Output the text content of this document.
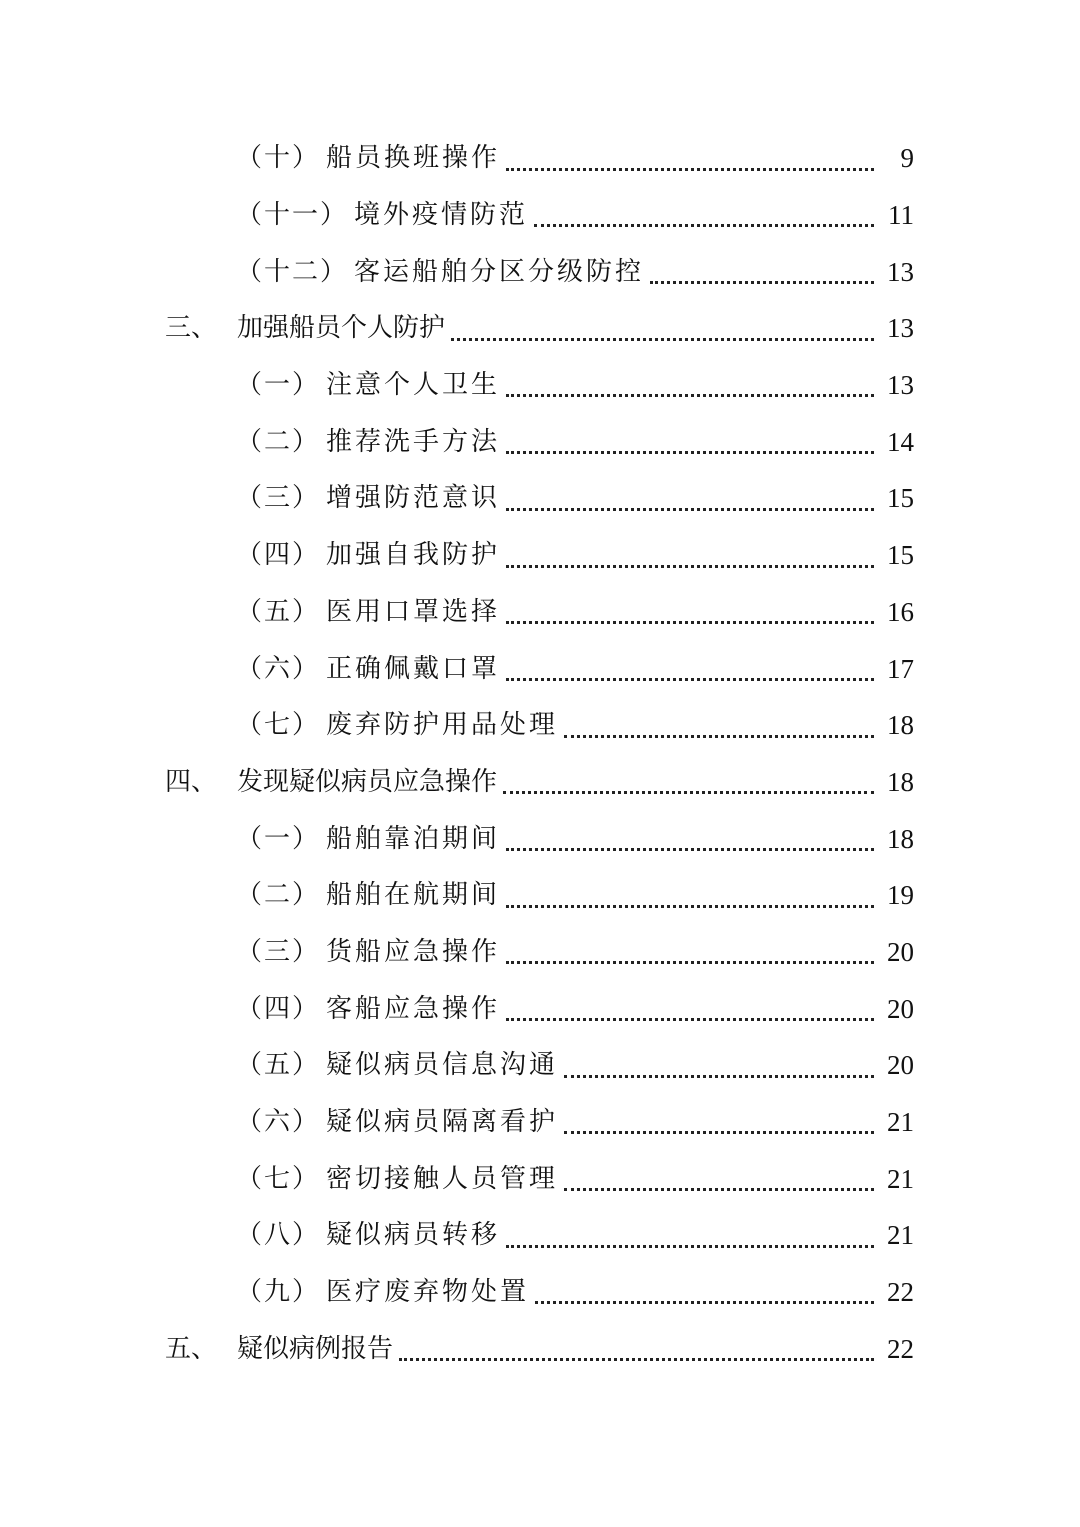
（十） 船员换班操作	9
（十一） 境外疫情防范	11
（十二） 客运船舶分区分级防控	13
三、 加强船员个人防护	13
（一） 注意个人卫生	13
（二） 推荐洗手方法	14
（三） 增强防范意识	15
（四） 加强自我防护	15
（五） 医用口罩选择	16
（六） 正确佩戴口罩	17
（七） 废弃防护用品处理	18
四、 发现疑似病员应急操作	18
（一） 船舶靠泊期间	18
（二） 船舶在航期间	19
（三） 货船应急操作	20
（四） 客船应急操作	20
（五） 疑似病员信息沟通	20
（六） 疑似病员隔离看护	21
（七） 密切接触人员管理	21
（八） 疑似病员转移	21
（九） 医疗废弃物处置	22
五、 疑似病例报告	22
